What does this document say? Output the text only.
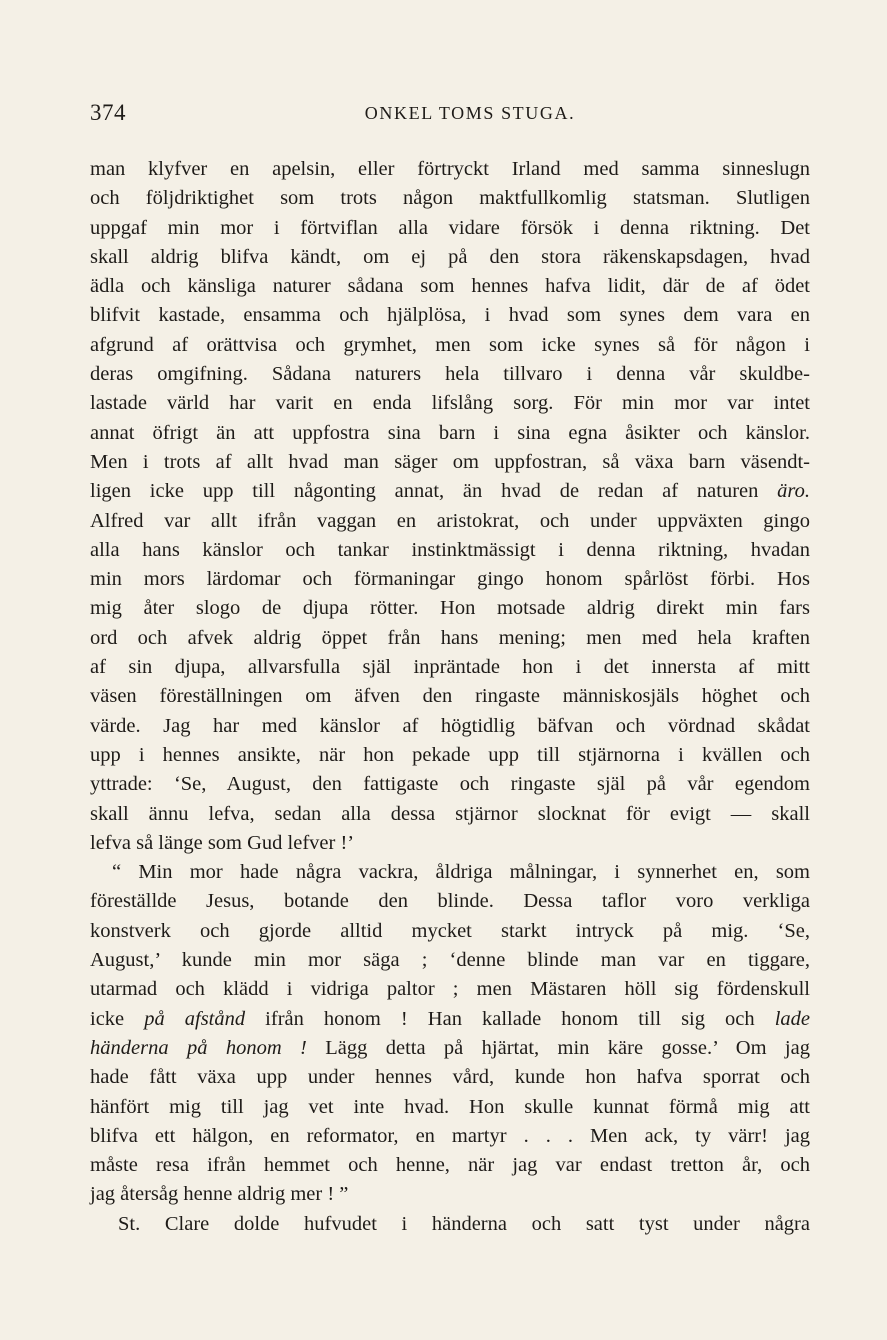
374	ONKEL TOMS STUGA.
man klyfver en apelsin, eller förtryckt Irland med samma sinneslugn
och följdriktighet som trots någon maktfullkomlig statsman. Slutligen
uppgaf min mor i förtviflan alla vidare försök i denna riktning. Det
skall aldrig blifva kändt, om ej på den stora räkenskapsdagen, hvad
ädla och känsliga naturer sådana som hennes hafva lidit, där de af ödet
blifvit kastade, ensamma och hjälplösa, i hvad som synes dem vara en
afgrund af orättvisa och grymhet, men som icke synes så för någon i
deras omgifning. Sådana naturers hela tillvaro i denna vår skuldbe-
lastade värld har varit en enda lifslång sorg. För min mor var intet
annat öfrigt än att uppfostra sina barn i sina egna åsikter och känslor.
Men i trots af allt hvad man säger om uppfostran, så växa barn väsendt-
ligen icke upp till någonting annat, än hvad de redan af naturen äro.
Alfred var allt ifrån vaggan en aristokrat, och under uppväxten gingo
alla hans känslor och tankar instinktmässigt i denna riktning, hvadan
min mors lärdomar och förmaningar gingo honom spårlöst förbi. Hos
mig åter slogo de djupa rötter. Hon motsade aldrig direkt min fars
ord och afvek aldrig öppet från hans mening; men med hela kraften
af sin djupa, allvarsfulla själ inpräntade hon i det innersta af mitt
väsen föreställningen om äfven den ringaste människosjäls höghet och
värde. Jag har med känslor af högtidlig bäfvan och vördnad skådat
upp i hennes ansikte, när hon pekade upp till stjärnorna i kvällen och
yttrade: ‘Se, August, den fattigaste och ringaste själ på vår egendom
skall ännu lefva, sedan alla dessa stjärnor slocknat för evigt — skall
lefva så länge som Gud lefver !’
“ Min mor hade några vackra, åldriga målningar, i synnerhet en, som
föreställde Jesus, botande den blinde. Dessa taflor voro verkliga
konstverk och gjorde alltid mycket starkt intryck på mig. ‘Se,
August,’ kunde min mor säga ; ‘denne blinde man var en tiggare,
utarmad och klädd i vidriga paltor ; men Mästaren höll sig fördenskull
icke på afstånd ifrån honom ! Han kallade honom till sig och lade
händerna på honom ! Lägg detta på hjärtat, min käre gosse.’ Om jag
hade fått växa upp under hennes vård, kunde hon hafva sporrat och
hänfört mig till jag vet inte hvad. Hon skulle kunnat förmå mig att
blifva ett hälgon, en reformator, en martyr . . . Men ack, ty värr! jag
måste resa ifrån hemmet och henne, när jag var endast tretton år, och
jag återsåg henne aldrig mer ! ”
St. Clare dolde hufvudet i händerna och satt tyst under några
